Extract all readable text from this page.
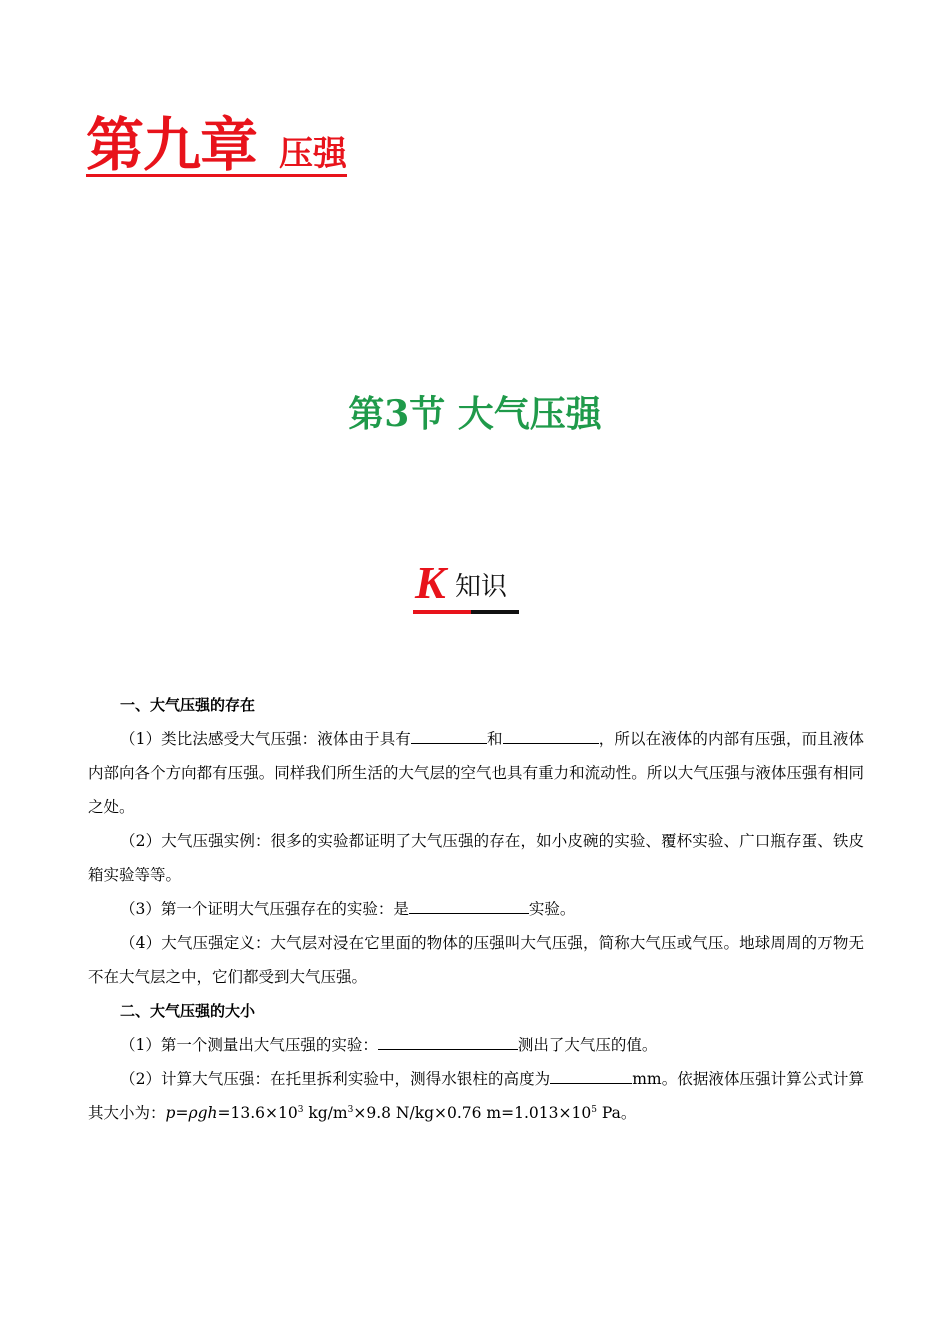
第九章 压强
第3节 大气压强
K 知识

一、大气压强的存在

（1）类比法感受大气压强：液体由于具有	和	，所以在液体的内部有压强，而且液体内部向各个方向都有压强。同样我们所生活的大气层的空气也具有重力和流动性。所以大气压强与液体压强有相同之处。

（2）大气压强实例：很多的实验都证明了大气压强的存在，如小皮碗的实验、覆杯实验、广口瓶存蛋、铁皮箱实验等等。

（3）第一个证明大气压强存在的实验：是	实验。

（4）大气压强定义：大气层对浸在它里面的物体的压强叫大气压强，简称大气压或气压。地球周周的万物无不在大气层之中，它们都受到大气压强。

二、大气压强的大小

（1）第一个测量出大气压强的实验：	测出了大气压的值。

（2）计算大气压强：在托里拆利实验中，测得水银柱的高度为	mm。依据液体压强计算公式计算其大小为：$p=\rho gh=13.6\times 10^3$ $kg/m^3\times 9.8$ N/kg×0.76 $m=1.013\times 10^5$ Pa。
